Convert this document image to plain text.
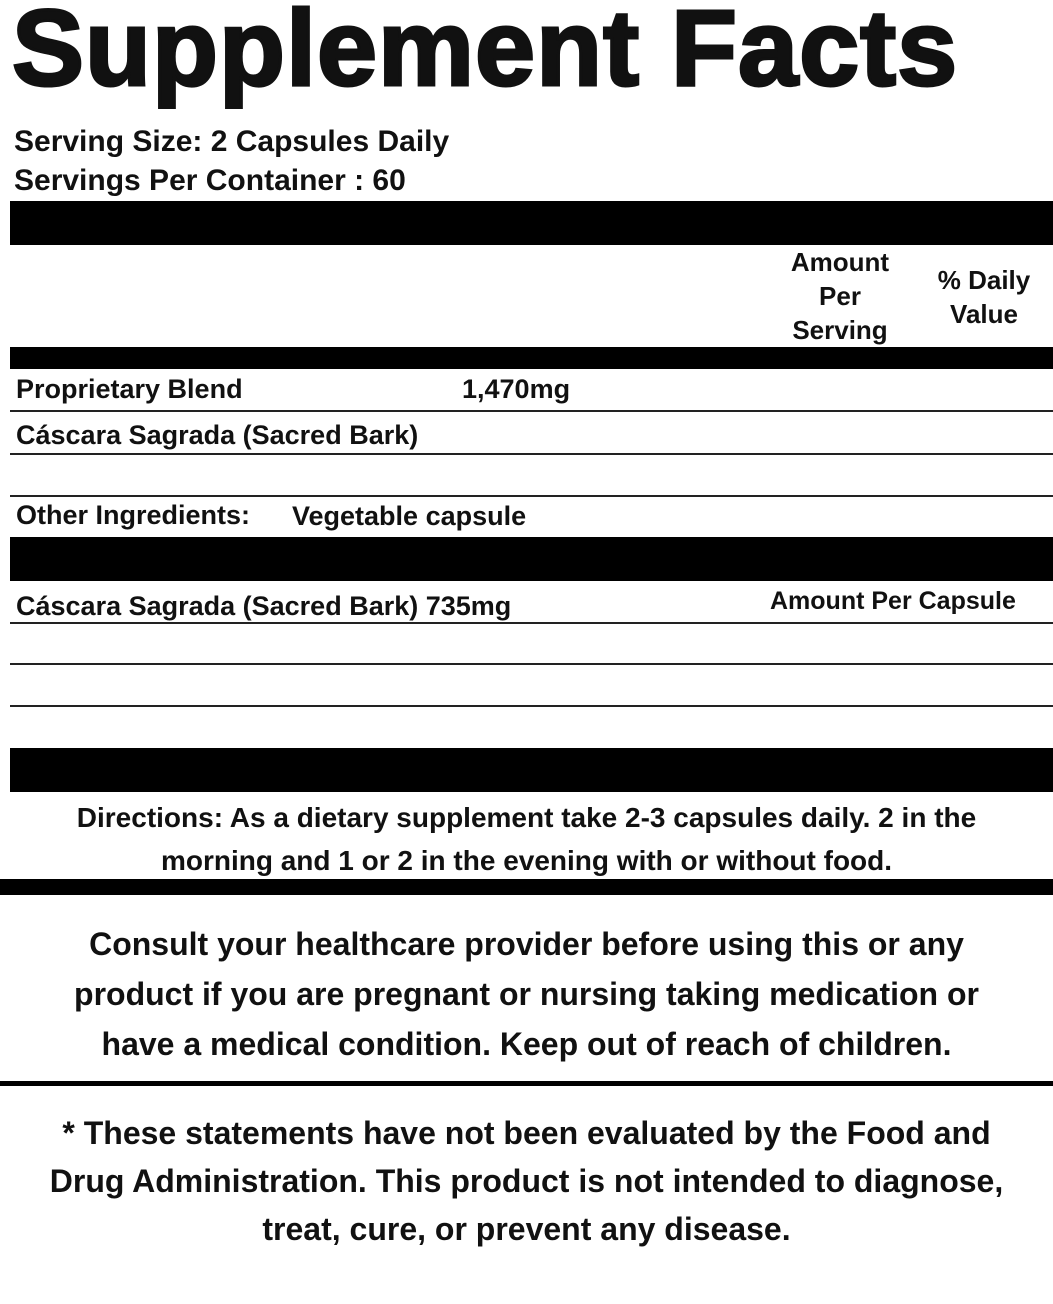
Supplement Facts
Serving Size: 2 Capsules Daily
Servings Per Container : 60
Amount
Per
Serving
% Daily
Value
Proprietary Blend	1,470mg
Cáscara Sagrada (Sacred Bark)
Other Ingredients: Vegetable capsule
Cáscara Sagrada (Sacred Bark) 735mg	Amount Per Capsule
Directions: As a dietary supplement take 2-3 capsules daily. 2 in the
morning and 1 or 2 in the evening with or without food.
Consult your healthcare provider before using this or any
product if you are pregnant or nursing taking medication or
have a medical condition. Keep out of reach of children.
* These statements have not been evaluated by the Food and
Drug Administration. This product is not intended to diagnose,
treat, cure, or prevent any disease.
